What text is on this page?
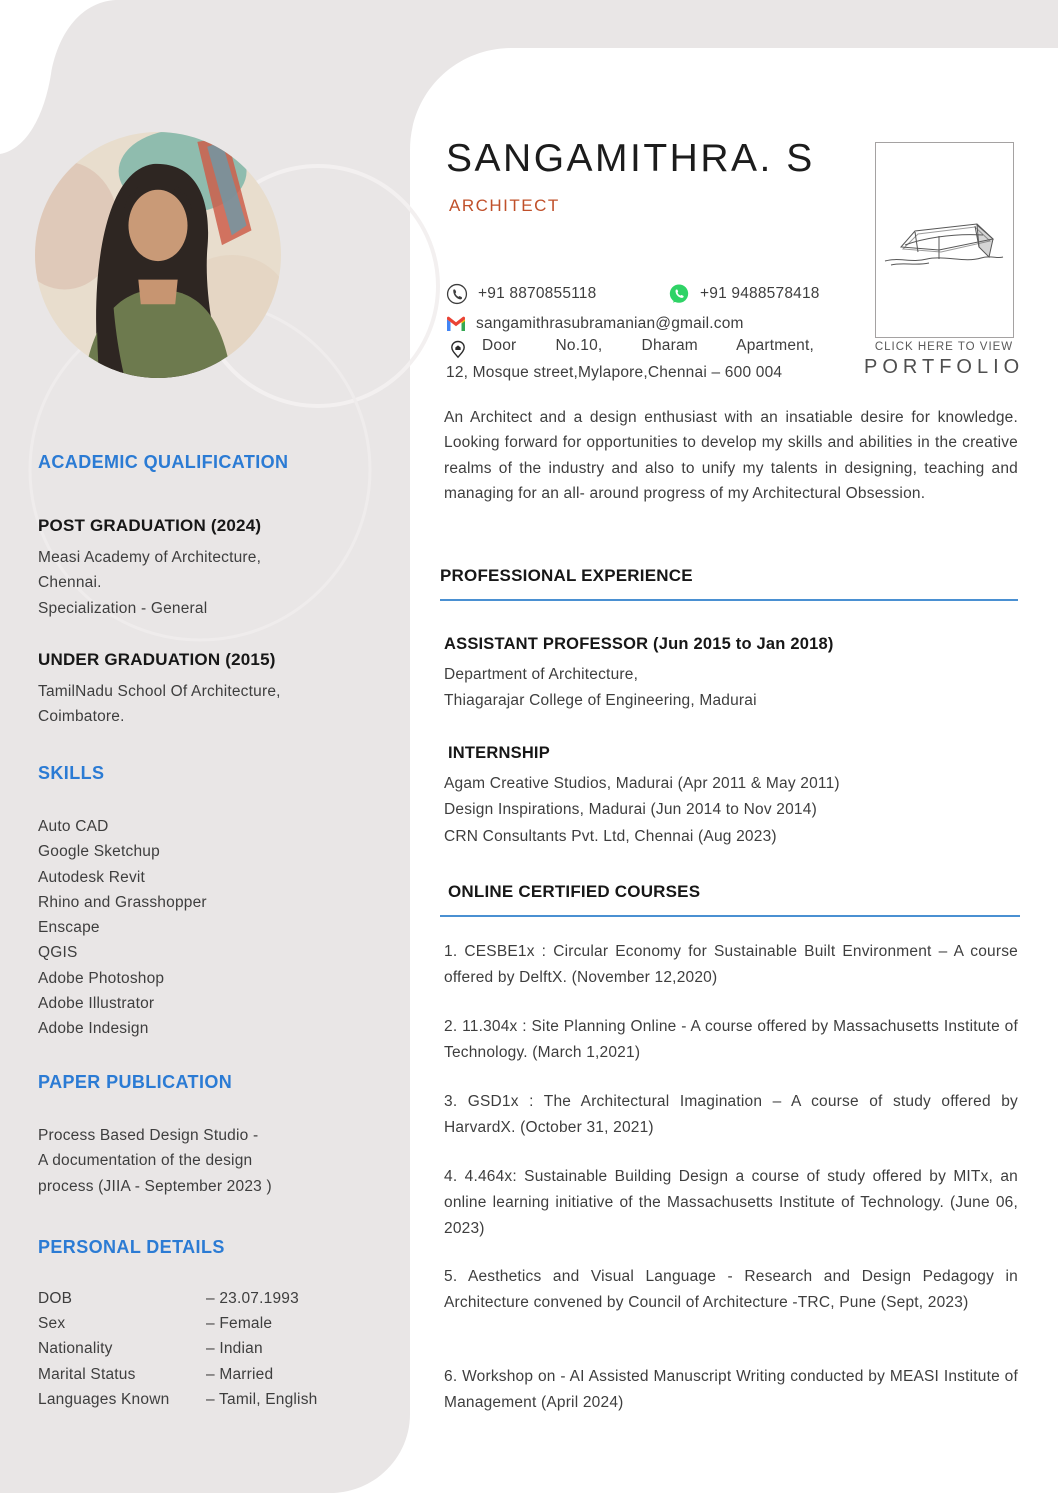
ACADEMIC QUALIFICATION
POST GRADUATION (2024)
Measi Academy of Architecture,
Chennai.
Specialization - General
UNDER GRADUATION (2015)
TamilNadu School Of Architecture,
Coimbatore.
SKILLS
Auto CAD
Google Sketchup
Autodesk Revit
Rhino and Grasshopper
Enscape
QGIS
Adobe Photoshop
Adobe Illustrator
Adobe Indesign
PAPER PUBLICATION
Process Based Design Studio -
A documentation of the design
process (JIIA - September 2023 )
PERSONAL DETAILS
DOB	– 23.07.1993
Sex	– Female
Nationality	– Indian
Marital Status	– Married
Languages Known	– Tamil, English
SANGAMITHRA. S
ARCHITECT
CLICK HERE TO VIEW
PORTFOLIO
+91 8870855118	+91 9488578418
sangamithrasubramanian@gmail.com
Door No.10, Dharam Apartment,
12, Mosque street,Mylapore,Chennai – 600 004
An Architect and a design enthusiast with an insatiable desire for knowledge. Looking forward for opportunities to develop my skills and abilities in the creative realms of the industry and also to unify my talents in designing, teaching and managing for an all- around progress of my Architectural Obsession.
PROFESSIONAL EXPERIENCE
ASSISTANT PROFESSOR (Jun 2015 to Jan 2018)
Department of Architecture,
Thiagarajar College of Engineering, Madurai
INTERNSHIP
Agam Creative Studios, Madurai (Apr 2011 & May 2011)
Design Inspirations, Madurai (Jun 2014 to Nov 2014)
CRN Consultants Pvt. Ltd, Chennai (Aug 2023)
ONLINE CERTIFIED COURSES
1. CESBE1x : Circular Economy for Sustainable Built Environment – A course offered by DelftX. (November 12,2020)
2. 11.304x : Site Planning Online - A course offered by Massachusetts Institute of Technology. (March 1,2021)
3. GSD1x : The Architectural Imagination – A course of study offered by HarvardX. (October 31, 2021)
4. 4.464x: Sustainable Building Design a course of study offered by MITx, an online learning initiative of the Massachusetts Institute of Technology. (June 06, 2023)
5. Aesthetics and Visual Language - Research and Design Pedagogy in Architecture convened by Council of Architecture -TRC, Pune (Sept, 2023)
6. Workshop on - AI Assisted Manuscript Writing conducted by MEASI Institute of Management (April 2024)
